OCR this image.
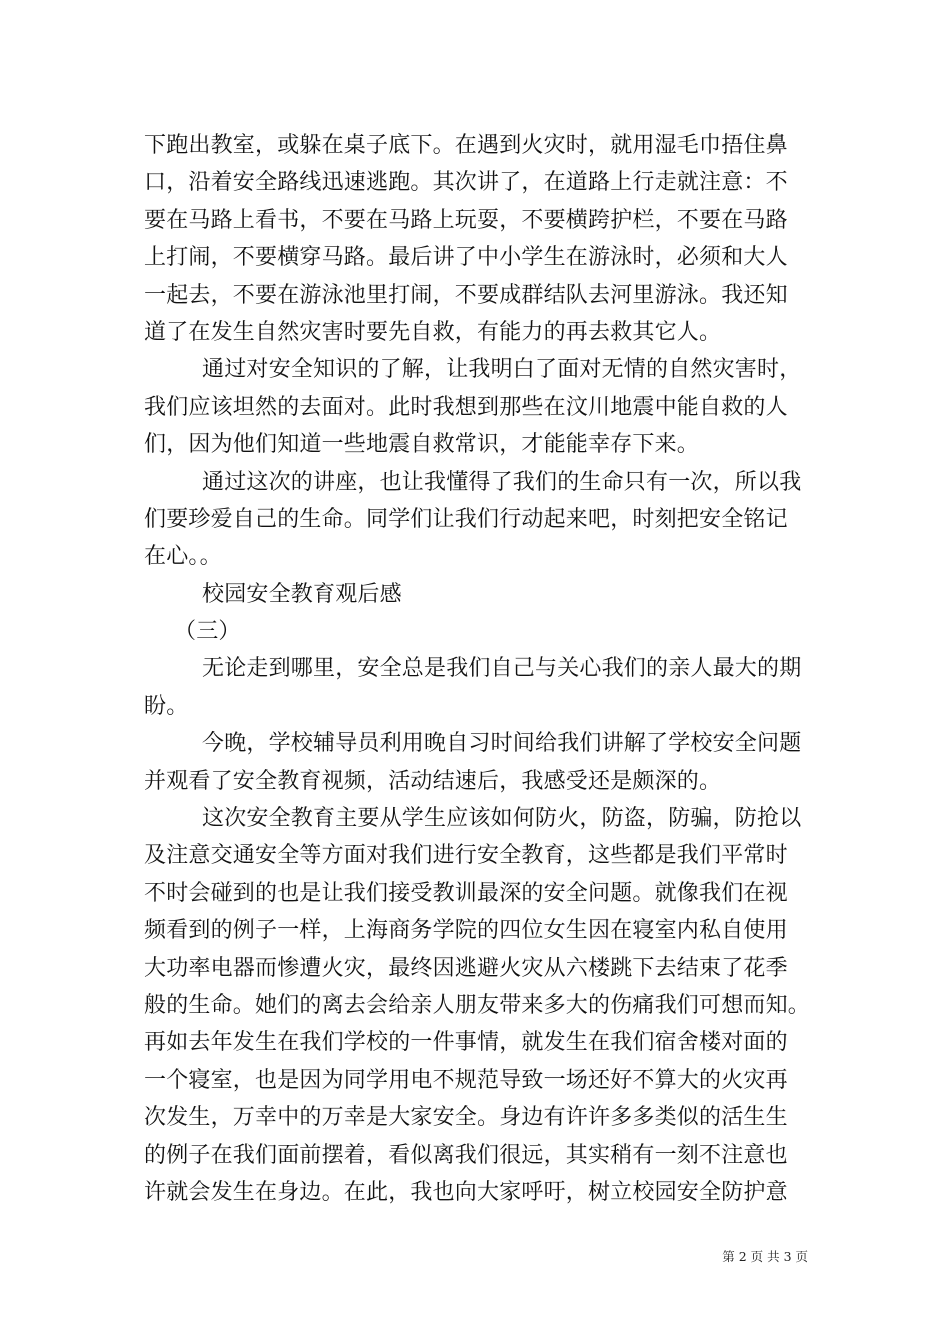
下跑出教室，或躲在桌子底下。在遇到火灾时，就用湿毛巾捂住鼻
口，沿着安全路线迅速逃跑。其次讲了，在道路上行走就注意：不
要在马路上看书，不要在马路上玩耍，不要横跨护栏，不要在马路
上打闹，不要横穿马路。最后讲了中小学生在游泳时，必须和大人
一起去，不要在游泳池里打闹，不要成群结队去河里游泳。我还知
道了在发生自然灾害时要先自救，有能力的再去救其它人。
通过对安全知识的了解，让我明白了面对无情的自然灾害时，
我们应该坦然的去面对。此时我想到那些在汶川地震中能自救的人
们，因为他们知道一些地震自救常识，才能能幸存下来。
通过这次的讲座，也让我懂得了我们的生命只有一次，所以我
们要珍爱自己的生命。同学们让我们行动起来吧，时刻把安全铭记
在心。。
校园安全教育观后感
（三）
无论走到哪里，安全总是我们自己与关心我们的亲人最大的期
盼。
今晚，学校辅导员利用晚自习时间给我们讲解了学校安全问题
并观看了安全教育视频，活动结速后，我感受还是颇深的。
这次安全教育主要从学生应该如何防火，防盗，防骗，防抢以
及注意交通安全等方面对我们进行安全教育，这些都是我们平常时
不时会碰到的也是让我们接受教训最深的安全问题。就像我们在视
频看到的例子一样，上海商务学院的四位女生因在寝室内私自使用
大功率电器而惨遭火灾，最终因逃避火灾从六楼跳下去结束了花季
般的生命。她们的离去会给亲人朋友带来多大的伤痛我们可想而知。
再如去年发生在我们学校的一件事情，就发生在我们宿舍楼对面的
一个寝室，也是因为同学用电不规范导致一场还好不算大的火灾再
次发生，万幸中的万幸是大家安全。身边有许许多多类似的活生生
的例子在我们面前摆着，看似离我们很远，其实稍有一刻不注意也
许就会发生在身边。在此，我也向大家呼吁，树立校园安全防护意
第 2 页 共 3 页
